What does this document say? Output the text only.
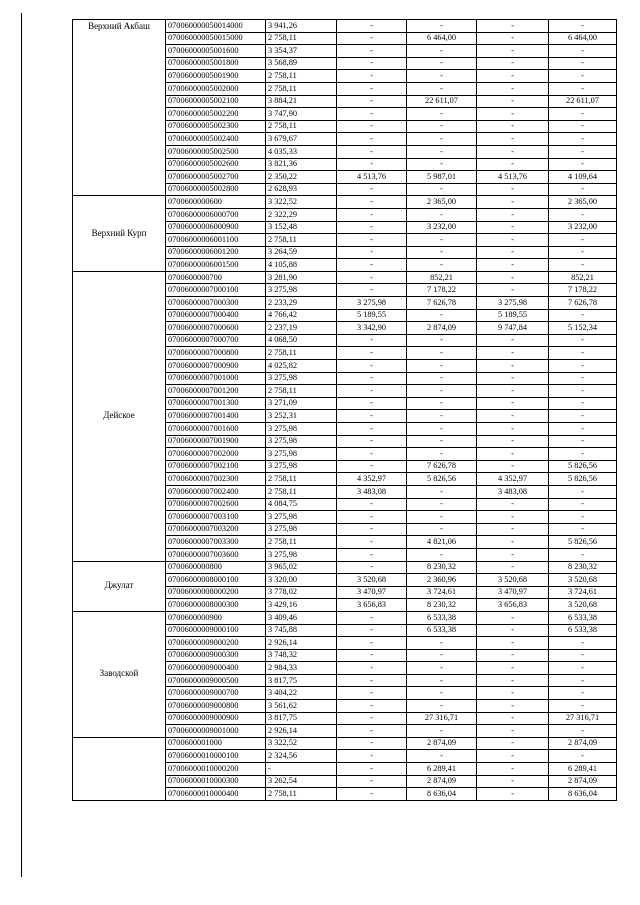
Верхний Акбаш	070060000050014000	3 941,26	-	-	-	-
	070060000050015000	2 758,11	-	6 464,00	-	6 464,00
	07006000005001600	3 354,37	-	-	-	-
	07006000005001800	3 568,89	-	-	-	-
	07006000005001900	2 758,11	-	-	-	-
	07006000005002000	2 758,11	-	-	-	-
	07006000005002100	3 884,21	-	22 611,07	-	22 611,07
	07006000005002200	3 747,90	-	-	-	-
	07006000005002300	2 758,11	-	-	-	-
	07006000005002400	3 679,67	-	-	-	-
	07006000005002500	4 035,33	-	-	-	-
	07006000005002600	3 821,36	-	-	-	-
	07006000005002700	2 350,22	4 513,76	5 987,01	4 513,76	4 109,64
	07006000005002800	2 628,93	-	-	-	-
Верхний Курп	0700600000600	3 322,52	-	2 365,00	-	2 365,00
	07006000006000700	2 322,29	-	-	-	-
	07006000006000900	3 152,48	-	3 232,00	-	3 232,00
	07006000006001100	2 758,11	-	-	-	-
	07006000006001200	3 264,59	-	-	-	-
	07006000006001500	4 105,88	-	-	-	-
Дейское	0700600000700	3 281,90	-	852,21	-	852,21
	07006000007000100	3 275,98	-	7 178,22	-	7 178,22
	07006000007000300	2 233,29	3 275,98	7 626,78	3 275,98	7 626,78
	07006000007000400	4 766,42	5 189,55	-	5 189,55	-
	07006000007000600	2 237,19	3 342,90	2 874,09	9 747,84	5 152,34
	07006000007000700	4 068,50	-	-	-	-
	07006000007000800	2 758,11	-	-	-	-
	07006000007000900	4 025,82	-	-	-	-
	07006000007001000	3 275,98	-	-	-	-
	07006000007001200	2 758,11	-	-	-	-
	07006000007001300	3 271,09	-	-	-	-
	07006000007001400	3 252,31	-	-	-	-
	07006000007001600	3 275,98	-	-	-	-
	07006000007001900	3 275,98	-	-	-	-
	07006000007002000	3 275,98	-	-	-	-
	07006000007002100	3 275,98	-	7 626,78	-	5 826,56
	07006000007002300	2 758,11	4 352,97	5 826,56	4 352,97	5 826,56
	07006000007002400	2 758,11	3 483,08	-	3 483,08	-
	07006000007002600	4 084,75	-	-	-	-
	07006000007003100	3 275,98	-	-	-	-
	07006000007003200	3 275,98	-	-	-	-
	07006000007003300	2 758,11	-	4 821,06	-	5 826,56
	07006000007003600	3 275,98	-	-	-	-
Джулат	0700600000800	3 965,02	-	8 230,32	-	8 230,32
	07006000008000100	3 320,00	3 520,68	2 360,96	3 520,68	3 520,68
	07006000008000200	3 778,02	3 470,97	3 724,61	3 470,97	3 724,61
	07006000008000300	3 429,16	3 656,83	8 230,32	3 656,83	3 520,68
Заводской	0700600000900	3 409,46	-	6 533,38	-	6 533,38
	07006000009000100	3 745,88	-	6 533,38	-	6 533,38
	07006000009000200	2 926,14	-	-	-	-
	07006000009000300	3 748,32	-	-	-	-
	07006000009000400	2 984,33	-	-	-	-
	07006000009000500	3 817,75	-	-	-	-
	07006000009000700	3 404,22	-	-	-	-
	07006000009000800	3 561,62	-	-	-	-
	07006000009000900	3 817,75	-	27 316,71	-	27 316,71
	07006000009001000	2 926,14	-	-	-	-
	0700600001000	3 322,52	-	2 874,09	-	2 874,09
	07006000010000100	2 324,56	-	-	-	-
	07006000010000200	-	-	6 289,41	-	6 289,41
	07006000010000300	3 262,54	-	2 874,09	-	2 874,09
	07006000010000400	2 758,11	-	8 636,04	-	8 636,04
